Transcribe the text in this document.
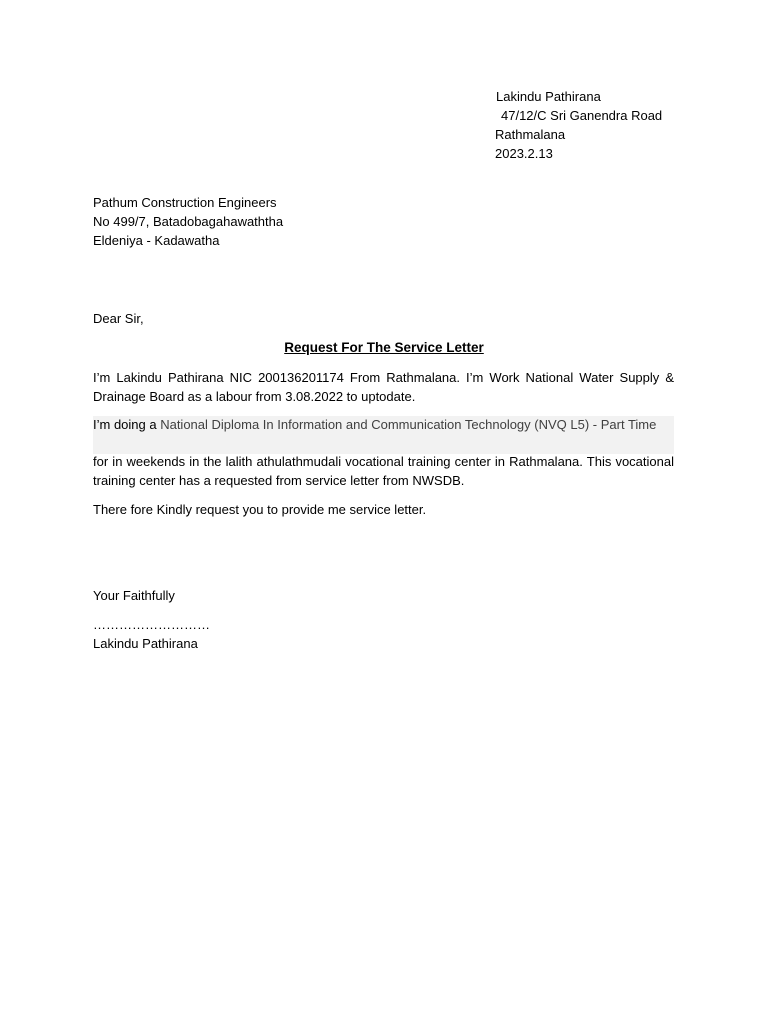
Lakindu Pathirana
47/12/C Sri Ganendra Road
Rathmalana
2023.2.13
Pathum Construction Engineers
No 499/7, Batadobagahawaththa
Eldeniya - Kadawatha
Dear Sir,
Request For The Service Letter
I’m Lakindu Pathirana NIC 200136201174 From Rathmalana. I’m Work National Water Supply & Drainage Board as a labour from 3.08.2022 to uptodate.
I’m doing a National Diploma In Information and Communication Technology (NVQ L5) - Part Time
for in weekends in the lalith athulathmudali vocational training center in Rathmalana. This vocational training center has a requested from service letter from NWSDB.
There fore Kindly request you to provide me service letter.
Your Faithfully
………………………
Lakindu Pathirana
